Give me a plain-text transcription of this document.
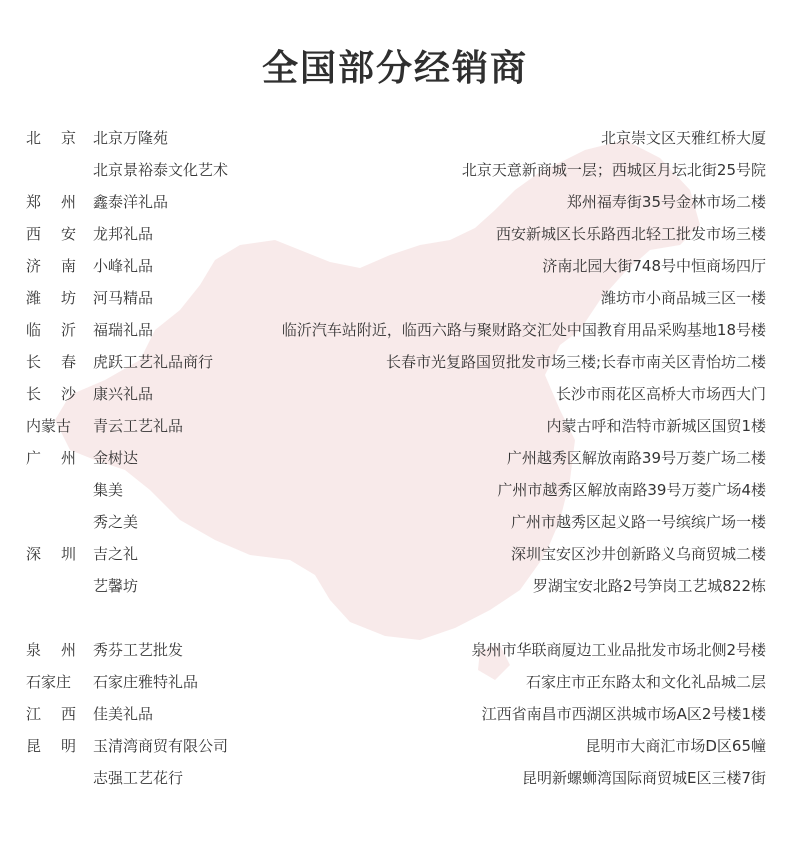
全国部分经销商
北 京 北京万隆苑	北京崇文区天雅红桥大厦
北京景裕泰文化艺术	北京天意新商城一层；西城区月坛北街25号院
郑 州 鑫泰洋礼品	郑州福寿街35号金林市场二楼
西 安 龙邦礼品	西安新城区长乐路西北轻工批发市场三楼
济 南 小峰礼品	济南北园大街748号中恒商场四厅
潍 坊 河马精品	潍坊市小商品城三区一楼
临 沂 福瑞礼品	临沂汽车站附近，临西六路与聚财路交汇处中国教育用品采购基地18号楼
长 春 虎跃工艺礼品商行	长春市光复路国贸批发市场三楼;长春市南关区青怡坊二楼
长 沙 康兴礼品	长沙市雨花区高桥大市场西大门
内蒙古 青云工艺礼品	内蒙古呼和浩特市新城区国贸1楼
广 州 金树达	广州越秀区解放南路39号万菱广场二楼
集美	广州市越秀区解放南路39号万菱广场4楼
秀之美	广州市越秀区起义路一号缤缤广场一楼
深 圳 吉之礼	深圳宝安区沙井创新路义乌商贸城二楼
艺馨坊	罗湖宝安北路2号笋岗工艺城822栋
泉 州 秀芬工艺批发	泉州市华联商厦边工业品批发市场北侧2号楼
石家庄 石家庄雅特礼品	石家庄市正东路太和文化礼品城二层
江 西 佳美礼品	江西省南昌市西湖区洪城市场A区2号楼1楼
昆 明 玉清湾商贸有限公司	昆明市大商汇市场D区65幢
志强工艺花行	昆明新螺蛳湾国际商贸城E区三楼7街
